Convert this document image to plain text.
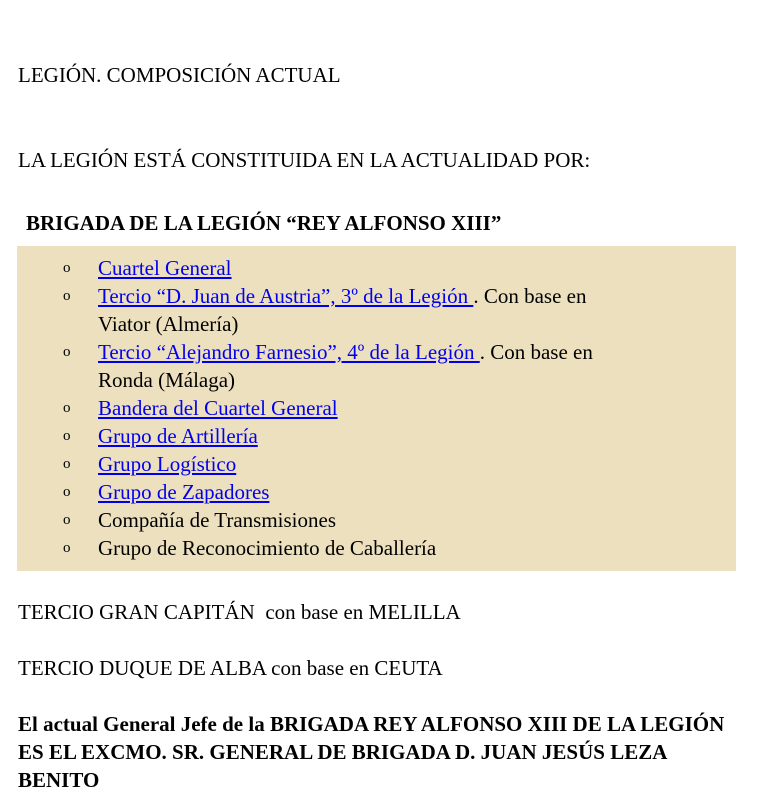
LEGIÓN. COMPOSICIÓN ACTUAL
LA LEGIÓN ESTÁ CONSTITUIDA EN LA ACTUALIDAD POR:
BRIGADA DE LA LEGIÓN “REY ALFONSO XIII”
o Cuartel General
o Tercio “D. Juan de Austria”, 3º de la Legión . Con base en
Viator (Almería)
o Tercio “Alejandro Farnesio”, 4º de la Legión . Con base en
Ronda (Málaga)
o Bandera del Cuartel General
o Grupo de Artillería
o Grupo Logístico
o Grupo de Zapadores
o Compañía de Transmisiones
o Grupo de Reconocimiento de Caballería
TERCIO GRAN CAPITÁN  con base en MELILLA
TERCIO DUQUE DE ALBA con base en CEUTA
El actual General Jefe de la BRIGADA REY ALFONSO XIII DE LA LEGIÓN ES EL EXCMO. SR. GENERAL DE BRIGADA D. JUAN JESÚS LEZA BENITO
